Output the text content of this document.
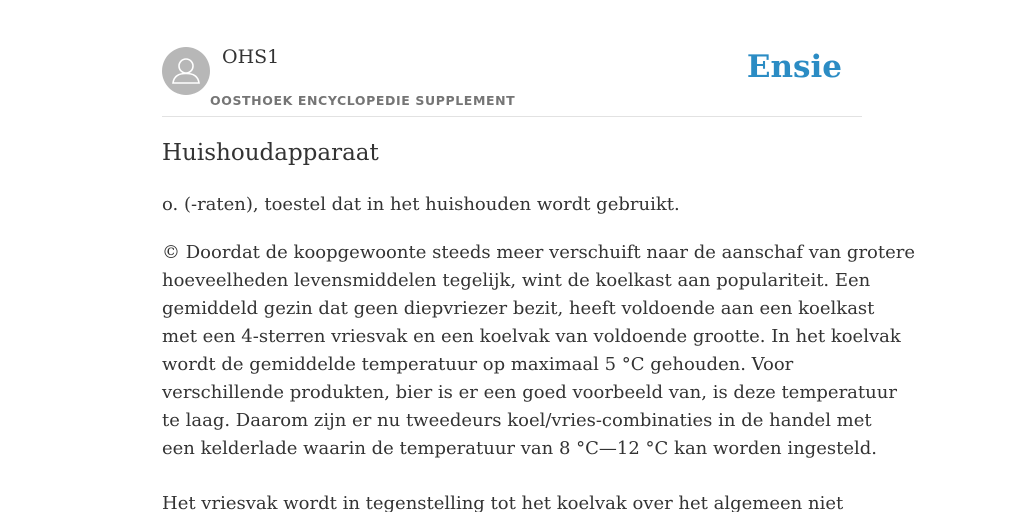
OHS1
OOSTHOEK ENCYCLOPEDIE SUPPLEMENT
Ensie
Huishoudapparaat

o. (-raten), toestel dat in het huishouden wordt gebruikt.

© Doordat de koopgewoonte steeds meer verschuift naar de aanschaf van grotere
hoeveelheden levensmiddelen tegelijk, wint de koelkast aan populariteit. Een
gemiddeld gezin dat geen diepvriezer bezit, heeft voldoende aan een koelkast
met een 4-sterren vriesvak en een koelvak van voldoende grootte. In het koelvak
wordt de gemiddelde temperatuur op maximaal 5 °C gehouden. Voor
verschillende produkten, bier is er een goed voorbeeld van, is deze temperatuur
te laag. Daarom zijn er nu tweedeurs koel/vries-combinaties in de handel met
een kelderlade waarin de temperatuur van 8 °C—12 °C kan worden ingesteld.
Het vriesvak wordt in tegenstelling tot het koelvak over het algemeen niet
